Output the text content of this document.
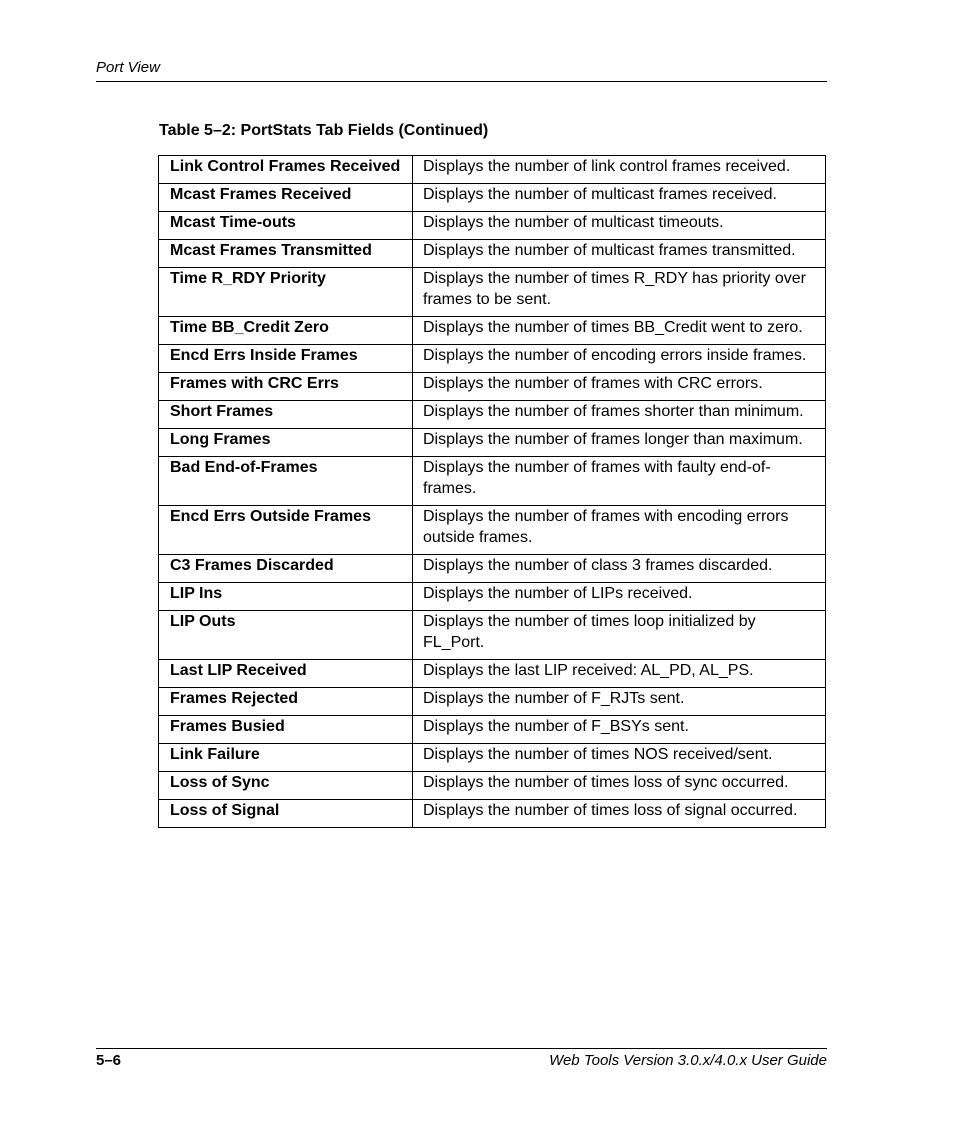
Port View
Table 5–2: PortStats Tab Fields (Continued)
Link Control Frames Received	Displays the number of link control frames received.
Mcast Frames Received	Displays the number of multicast frames received.
Mcast Time-outs	Displays the number of multicast timeouts.
Mcast Frames Transmitted	Displays the number of multicast frames transmitted.
Time R_RDY Priority	Displays the number of times R_RDY has priority over frames to be sent.
Time BB_Credit Zero	Displays the number of times BB_Credit went to zero.
Encd Errs Inside Frames	Displays the number of encoding errors inside frames.
Frames with CRC Errs	Displays the number of frames with CRC errors.
Short Frames	Displays the number of frames shorter than minimum.
Long Frames	Displays the number of frames longer than maximum.
Bad End-of-Frames	Displays the number of frames with faulty end-of-frames.
Encd Errs Outside Frames	Displays the number of frames with encoding errors outside frames.
C3 Frames Discarded	Displays the number of class 3 frames discarded.
LIP Ins	Displays the number of LIPs received.
LIP Outs	Displays the number of times loop initialized by FL_Port.
Last LIP Received	Displays the last LIP received: AL_PD, AL_PS.
Frames Rejected	Displays the number of F_RJTs sent.
Frames Busied	Displays the number of F_BSYs sent.
Link Failure	Displays the number of times NOS received/sent.
Loss of Sync	Displays the number of times loss of sync occurred.
Loss of Signal	Displays the number of times loss of signal occurred.
5–6	Web Tools Version 3.0.x/4.0.x User Guide
